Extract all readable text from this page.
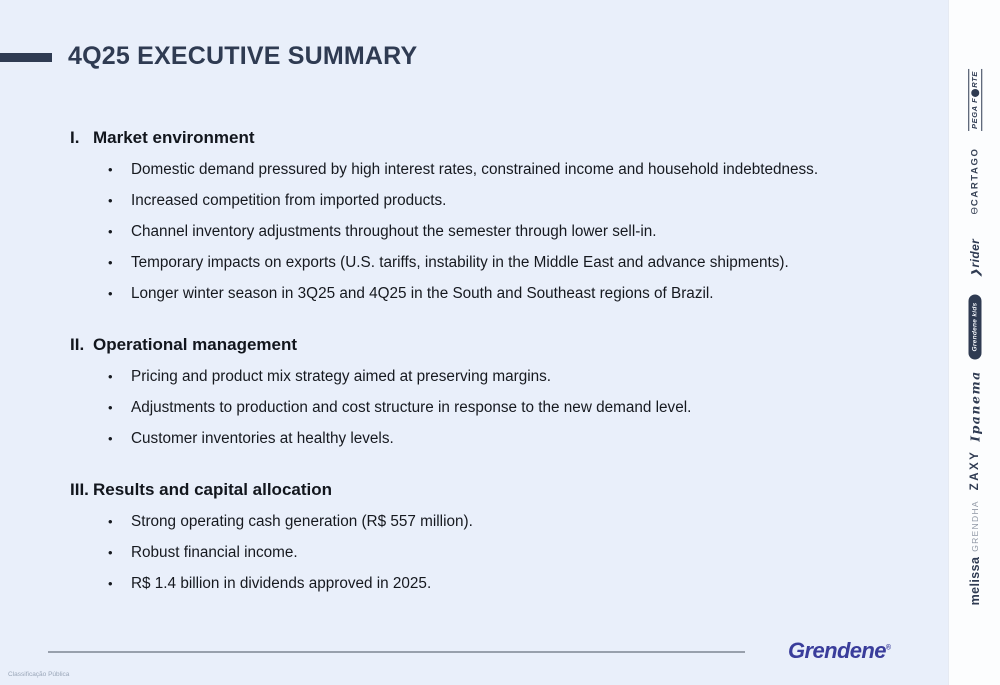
4Q25 EXECUTIVE SUMMARY
I. Market environment
•	Domestic demand pressured by high interest rates, constrained income and household indebtedness.
•	Increased competition from imported products.
•	Channel inventory adjustments throughout the semester through lower sell-in.
•	Temporary impacts on exports (U.S. tariffs, instability in the Middle East and advance shipments).
•	Longer winter season in 3Q25 and 4Q25 in the South and Southeast regions of Brazil.
II. Operational management
•	Pricing and product mix strategy aimed at preserving margins.
•	Adjustments to production and cost structure in response to the new demand level.
•	Customer inventories at healthy levels.
III. Results and capital allocation
•	Strong operating cash generation (R$ 557 million).
•	Robust financial income.
•	R$ 1.4 billion in dividends approved in 2025.
Grendene®
Classificação Pública
PEGA FRTE
ƟCARTAGO
❯rider
Grendene kids
Ipanema
ZAXY
GRENDHA
melissa
